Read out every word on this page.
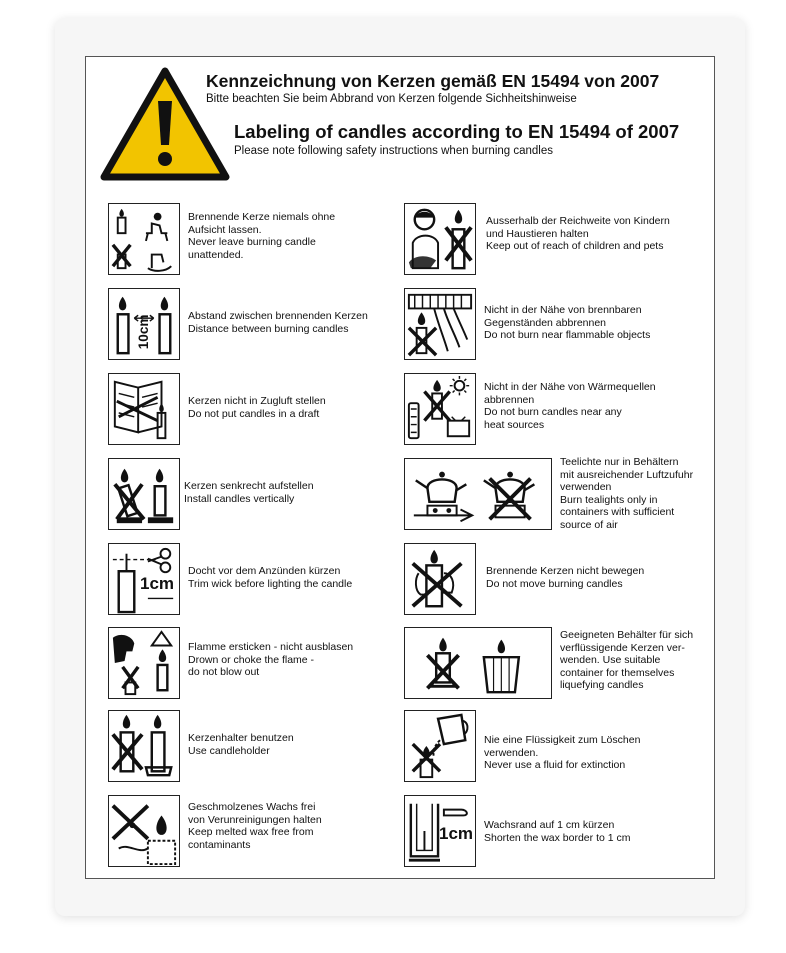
Kennzeichnung von Kerzen gemäß EN 15494 von 2007
Bitte beachten Sie beim Abbrand von Kerzen folgende Sichheitshinweise
Labeling of candles according to EN 15494 of 2007
Please note following safety instructions when burning candles
Brennende Kerze niemals ohne
Aufsicht lassen.
Never leave burning candle
unattended.
10cm	Abstand zwischen brennenden Kerzen
Distance between burning candles
Kerzen nicht in Zugluft stellen
Do not put candles in a draft
Kerzen senkrecht aufstellen
Install candles vertically
1cm
Docht vor dem Anzünden kürzen
Trim wick before lighting the candle
Flamme ersticken - nicht ausblasen
Drown or choke the flame -
do not blow out
Kerzenhalter benutzen
Use candleholder
Geschmolzenes Wachs frei
von Verunreinigungen halten
Keep melted wax free from
contaminants
Ausserhalb der Reichweite von Kindern
und Haustieren halten
Keep out of reach of children and pets
Nicht in der Nähe von brennbaren
Gegenständen abbrennen
Do not burn near flammable objects
Nicht in der Nähe von Wärmequellen
abbrennen
Do not burn candles near any
heat sources
Teelichte nur in Behältern
mit ausreichender Luftzufuhr
verwenden
Burn tealights only in
containers with sufficient
source of air
Brennende Kerzen nicht bewegen
Do not move burning candles
Geeigneten Behälter für sich
verflüssigende Kerzen ver-
wenden. Use suitable
container for themselves
liquefying candles
Nie eine Flüssigkeit zum Löschen
verwenden.
Never use a fluid for extinction
1cm Wachsrand auf 1 cm kürzen
Shorten the wax border to 1 cm
